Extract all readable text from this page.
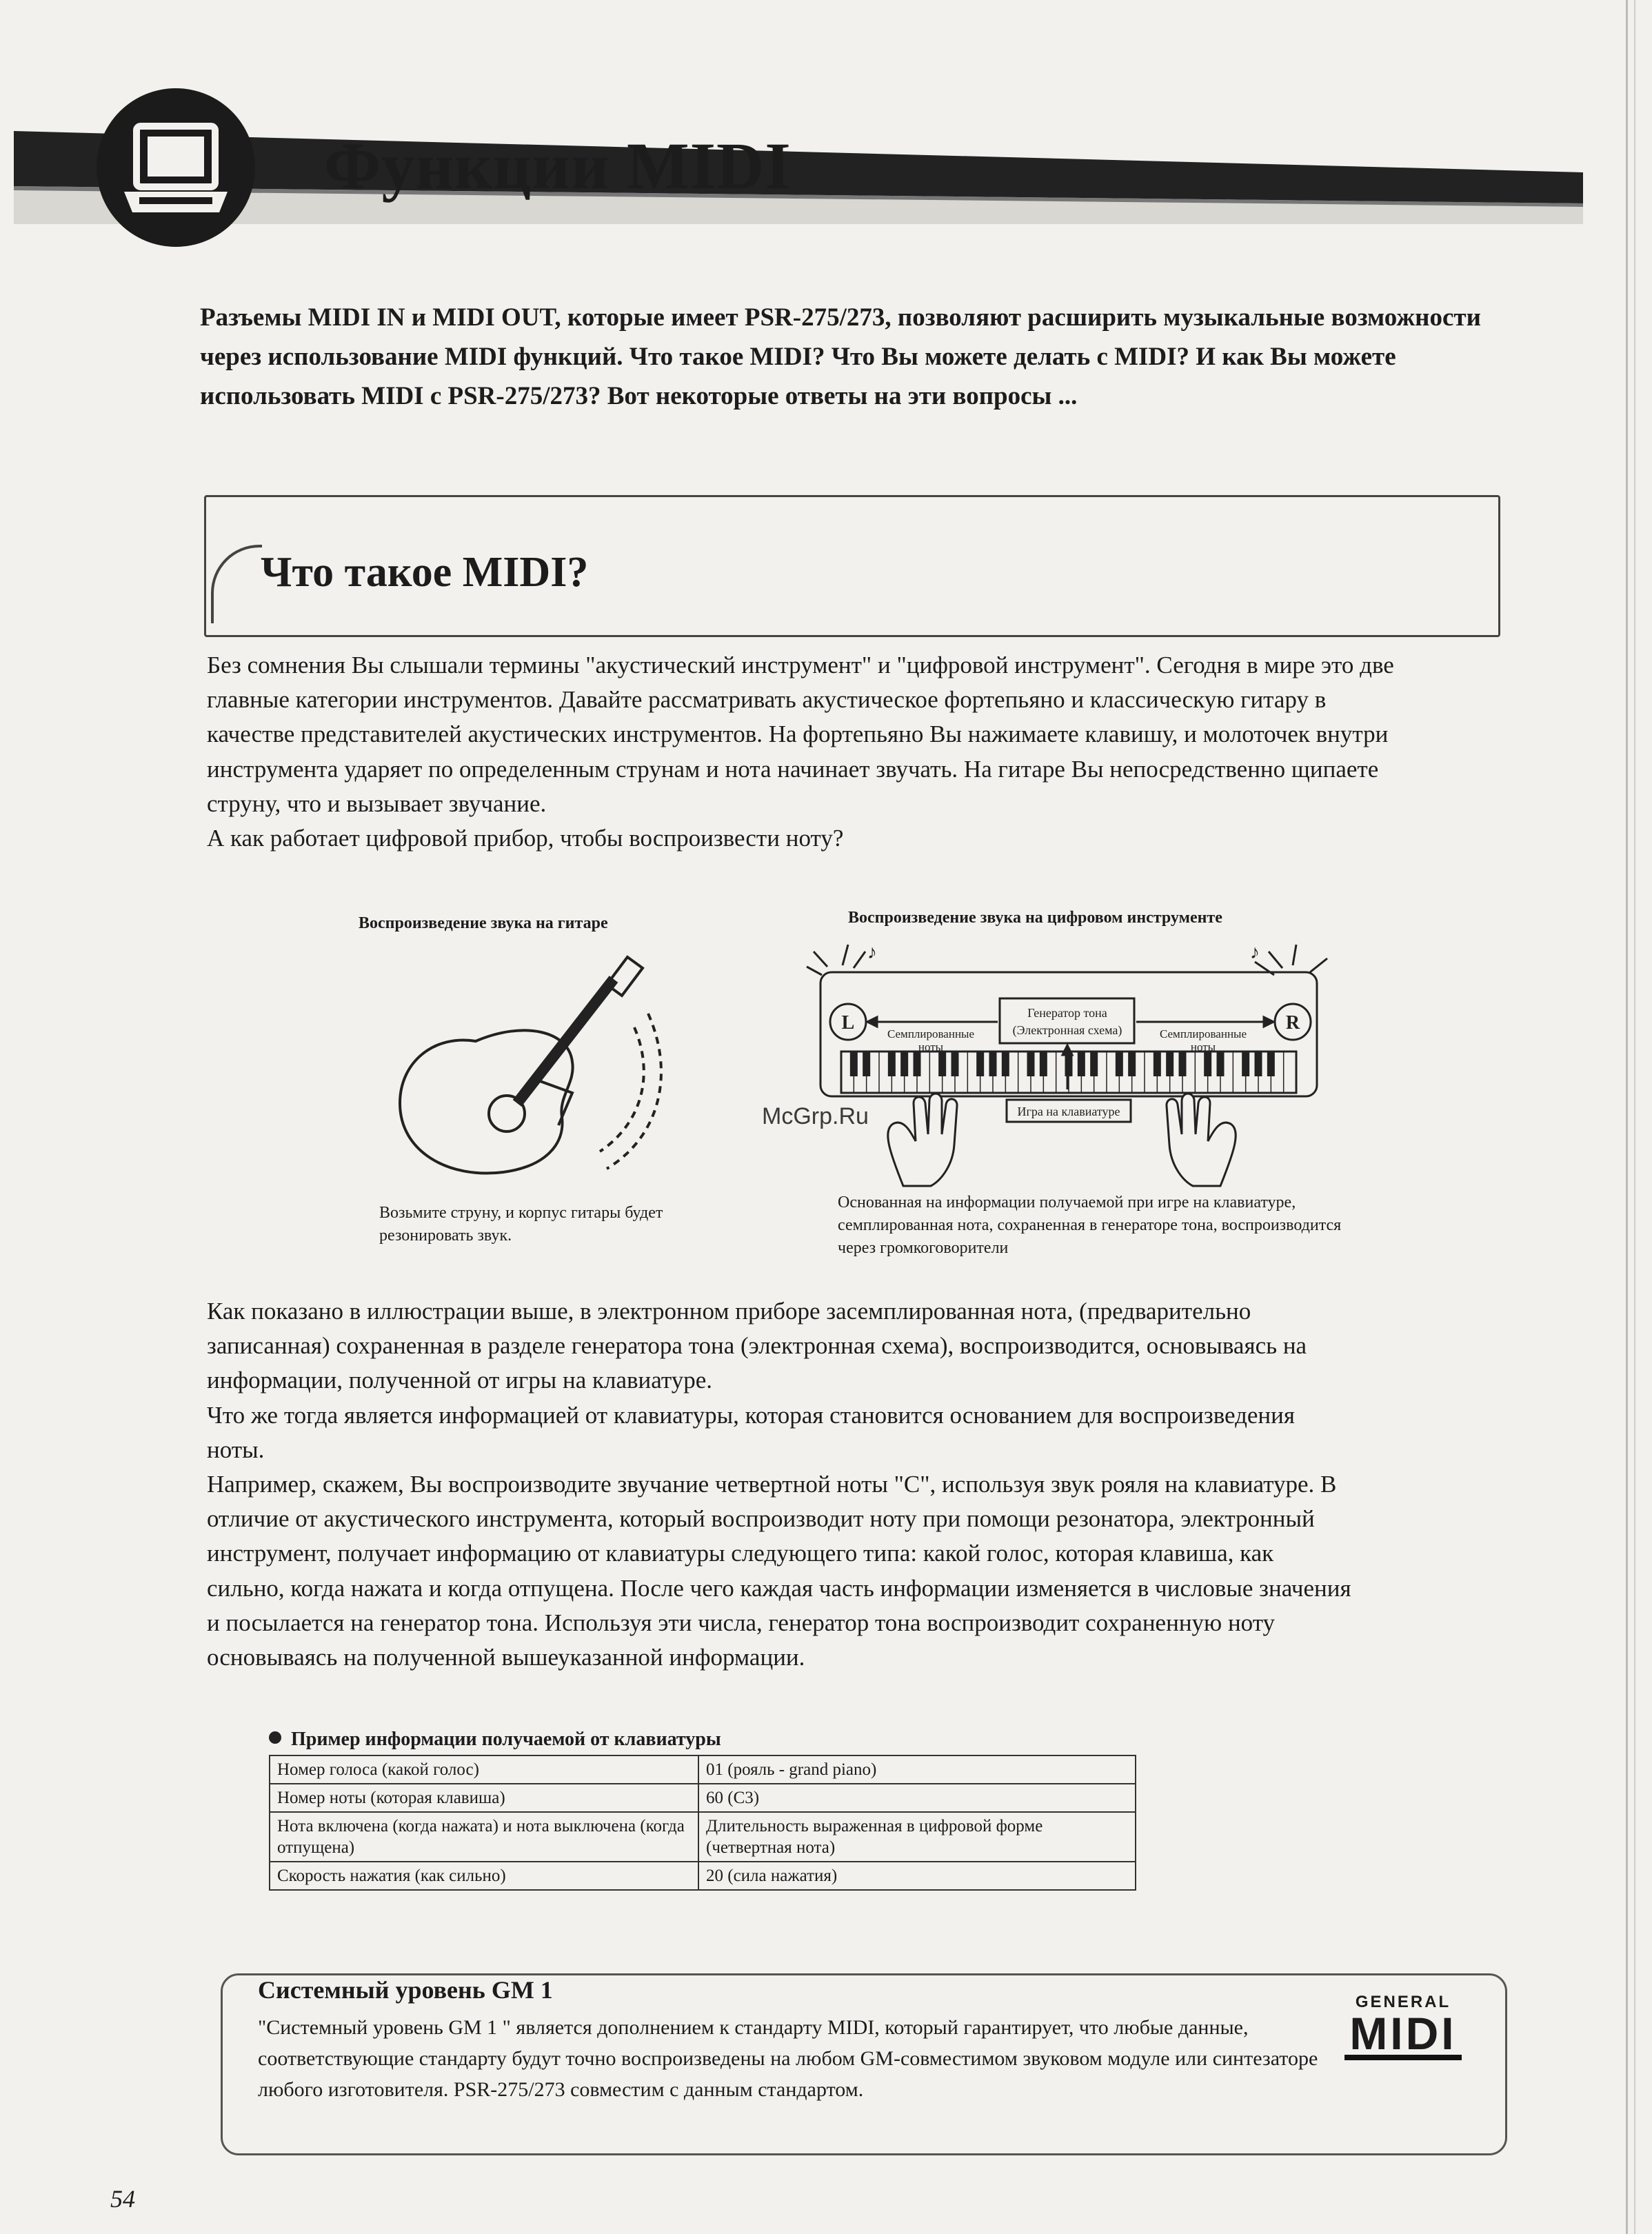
Функции MIDI
Разъемы MIDI IN и MIDI OUT, которые имеет PSR-275/273, позволяют расширить музыкальные возможности через использование MIDI функций. Что такое MIDI? Что Вы можете делать с MIDI? И как Вы можете использовать MIDI с PSR-275/273? Вот некоторые ответы на эти вопросы ...
Что такое MIDI?

Без сомнения Вы слышали термины "акустический инструмент" и "цифровой инструмент". Сегодня в мире это две главные категории инструментов. Давайте рассматривать акустическое фортепьяно и классическую гитару в качестве представителей акустических инструментов. На фортепьяно Вы нажимаете клавишу, и молоточек внутри инструмента ударяет по определенным струнам и нота начинает звучать. На гитаре Вы непосредственно щипаете струну, что и вызывает звучание.

А как работает цифровой прибор, чтобы воспроизвести ноту?

Воспроизведение звука на гитаре
Возьмите струну, и корпус гитары будет резонировать звук.
Воспроизведение звука на цифровом инструменте
♪	♪
L	R
Генератор тона
(Электронная схема)
Семплированные
ноты
Семплированные
ноты
Игра на клавиатуре
Основанная на информации получаемой при игре на клавиатуре, семплированная нота, сохраненная в генераторе тона, воспроизводится через громкоговорители
McGrp.Ru

Как показано в иллюстрации выше, в электронном приборе засемплированная нота, (предварительно записанная) сохраненная в разделе генератора тона (электронная схема), воспроизводится, основываясь на информации, полученной от игры на клавиатуре.

Что же тогда является информацией от клавиатуры, которая становится основанием для воспроизведения ноты.

Например, скажем, Вы воспроизводите звучание четвертной ноты "С", используя звук рояля на клавиатуре. В отличие от акустического инструмента, который воспроизводит ноту при помощи резонатора, электронный инструмент, получает информацию от клавиатуры следующего типа: какой голос, которая клавиша, как сильно, когда нажата и когда отпущена. После чего каждая часть информации изменяется в числовые значения и посылается на генератор тона. Используя эти числа, генератор тона воспроизводит сохраненную ноту основываясь на полученной вышеуказанной информации.

Пример информации получаемой от клавиатуры
Номер голоса (какой голос)	01 (рояль - grand piano)
Номер ноты (которая клавиша)	60 (C3)
Нота включена (когда нажата) и нота выключена (когда отпущена)	Длительность выраженная в цифровой форме (четвертная нота)
Скорость нажатия (как сильно)	20 (сила нажатия)
Системный уровень GM 1
"Системный уровень GM 1 " является дополнением к стандарту MIDI, который гарантирует, что любые данные, соответствующие стандарту будут точно воспроизведены на любом GM-совместимом звуковом модуле или синтезаторе любого изготовителя. PSR-275/273 совместим с данным стандартом.
GENERAL
MIDI
54
